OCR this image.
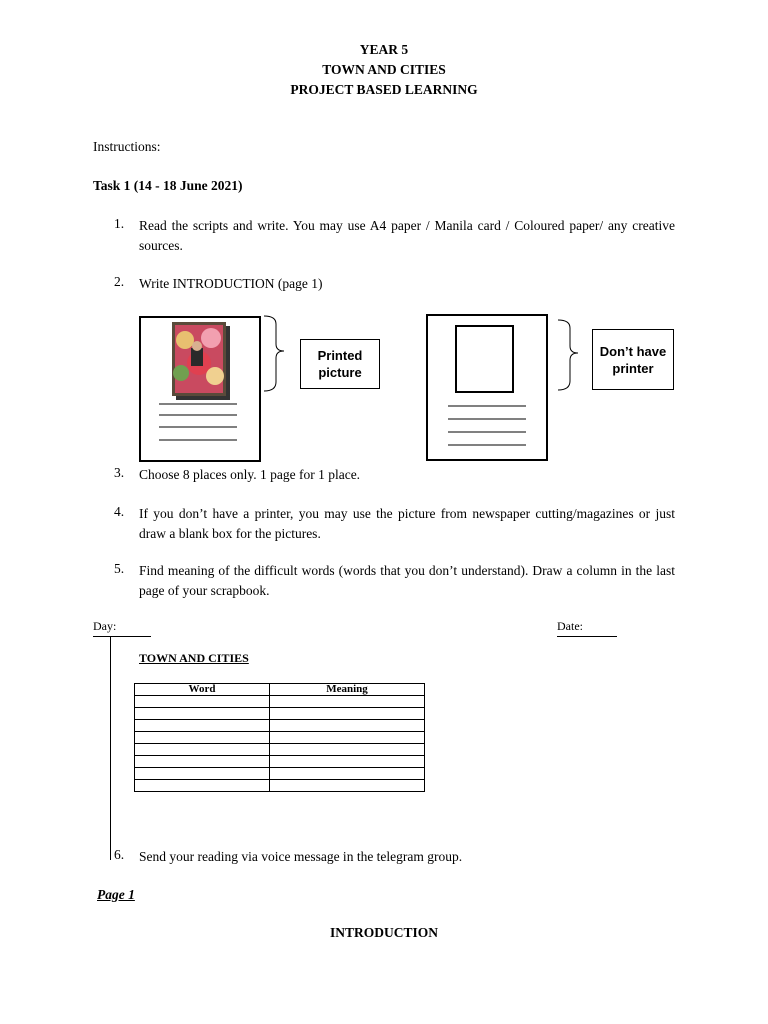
YEAR 5
TOWN AND CITIES
PROJECT BASED LEARNING
Instructions:
Task 1 (14 - 18 June 2021)
1. Read the scripts and write. You may use A4 paper / Manila card / Coloured paper/ any creative sources.
2. Write INTRODUCTION (page 1)
Printed picture
Don’t have printer
3. Choose 8 places only. 1 page for 1 place.
4. If you don’t have a printer, you may use the picture from newspaper cutting/magazines or just draw a blank box for the pictures.
5. Find meaning of the difficult words (words that you don’t understand). Draw a column in the last page of your scrapbook.
Day:	Date:
TOWN AND CITIES
Word	Meaning

6. Send your reading via voice message in the telegram group.
Page 1
INTRODUCTION
